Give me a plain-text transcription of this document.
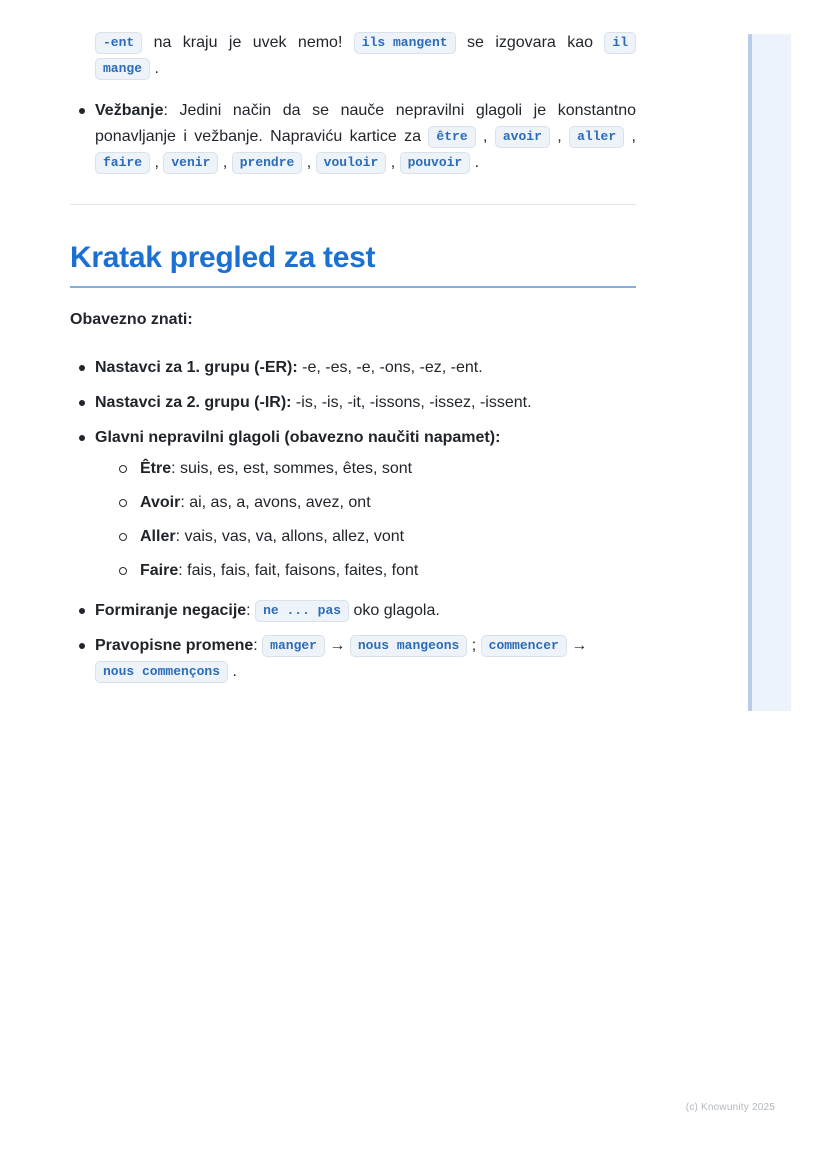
-ent na kraju je uvek nemo! ils mangent se izgovara kao il
mange .
Vežbanje: Jedini način da se nauče nepravilni glagoli je konstantno ponavljanje i vežbanje. Napraviću kartice za être , avoir , aller , faire , venir , prendre , vouloir , pouvoir .
Kratak pregled za test
Obavezno znati:
Nastavci za 1. grupu (-ER): -e, -es, -e, -ons, -ez, -ent.
Nastavci za 2. grupu (-IR): -is, -is, -it, -issons, -issez, -issent.
Glavni nepravilni glagoli (obavezno naučiti napamet):
Être: suis, es, est, sommes, êtes, sont
Avoir: ai, as, a, avons, avez, ont
Aller: vais, vas, va, allons, allez, vont
Faire: fais, fais, fait, faisons, faites, font
Formiranje negacije: ne ... pas oko glagola.
Pravopisne promene: manger → nous mangeons ; commencer → nous commençons .
(c) Knowunity 2025
